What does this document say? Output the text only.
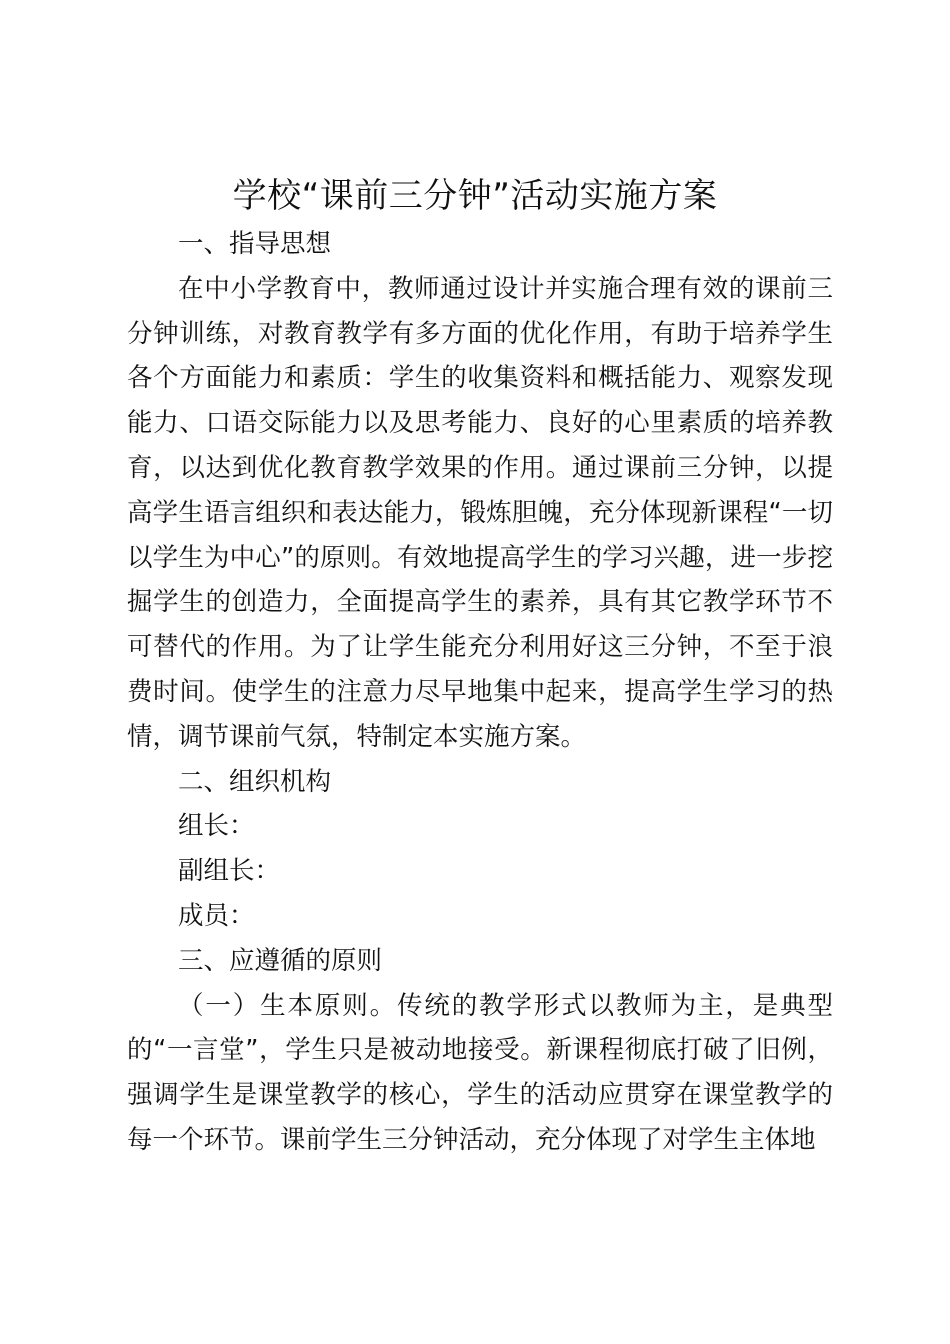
学校“课前三分钟”活动实施方案

一、指导思想

在中小学教育中，教师通过设计并实施合理有效的课前三分钟训练，对教育教学有多方面的优化作用，有助于培养学生各个方面能力和素质：学生的收集资料和概括能力、观察发现能力、口语交际能力以及思考能力、良好的心里素质的培养教育，以达到优化教育教学效果的作用。通过课前三分钟，以提高学生语言组织和表达能力，锻炼胆魄，充分体现新课程“一切以学生为中心”的原则。有效地提高学生的学习兴趣，进一步挖掘学生的创造力，全面提高学生的素养，具有其它教学环节不可替代的作用。为了让学生能充分利用好这三分钟，不至于浪费时间。使学生的注意力尽早地集中起来，提高学生学习的热情，调节课前气氛，特制定本实施方案。

二、组织机构

组长：

副组长：

成员：

三、应遵循的原则

（一）生本原则。传统的教学形式以教师为主，是典型的“一言堂”，学生只是被动地接受。新课程彻底打破了旧例，强调学生是课堂教学的核心，学生的活动应贯穿在课堂教学的每一个环节。课前学生三分钟活动，充分体现了对学生主体地
